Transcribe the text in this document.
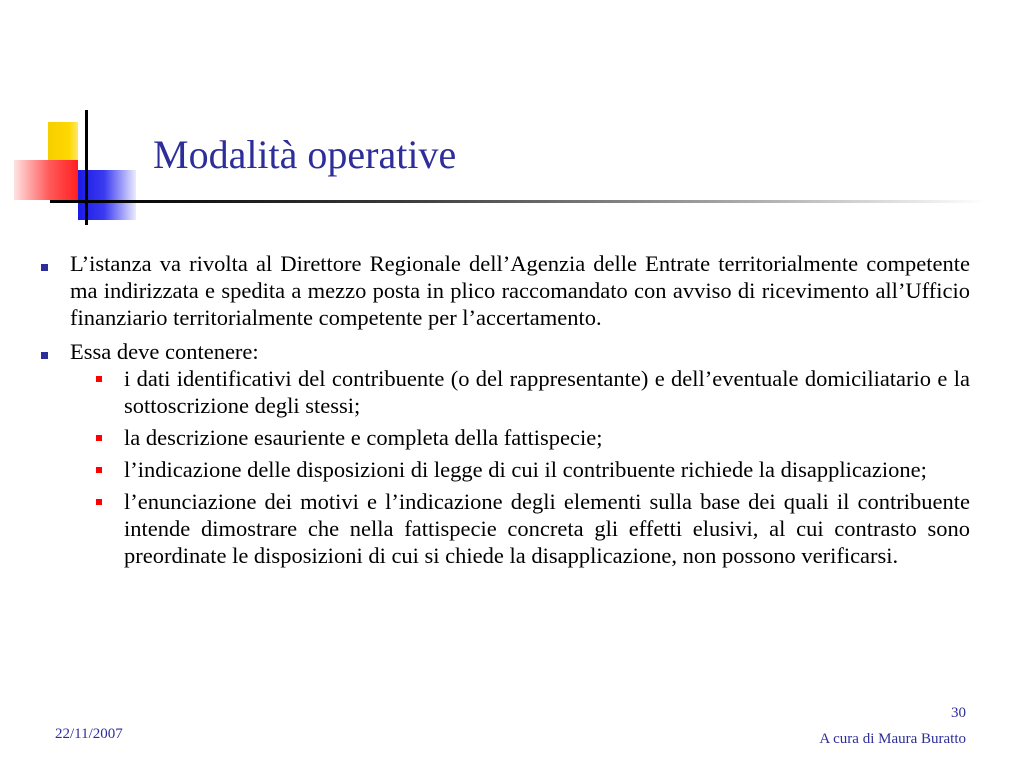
Modalità operative
L’istanza va rivolta al Direttore Regionale dell’Agenzia delle Entrate territorialmente competente ma indirizzata e spedita a mezzo posta in plico raccomandato con avviso di ricevimento all’Ufficio finanziario territorialmente competente per l’accertamento.
Essa deve contenere:
i dati identificativi del contribuente (o del rappresentante) e dell’eventuale domiciliatario e la sottoscrizione degli stessi;
la descrizione esauriente e completa della fattispecie;
l’indicazione delle disposizioni di legge di cui il contribuente richiede la disapplicazione;
l’enunciazione dei motivi e l’indicazione degli elementi sulla base dei quali il contribuente intende dimostrare che nella fattispecie concreta gli effetti elusivi, al cui contrasto sono preordinate le disposizioni di cui si chiede la disapplicazione, non possono verificarsi.
22/11/2007
30
A cura di Maura Buratto
